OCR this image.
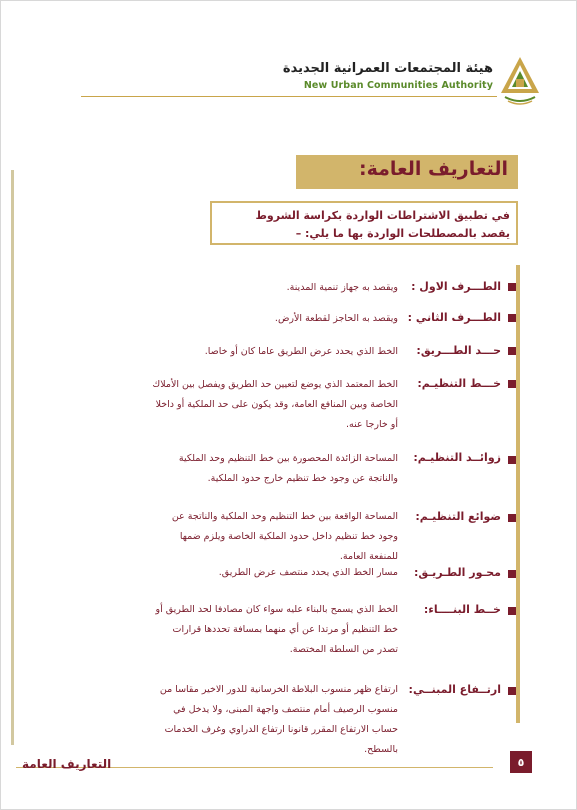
هيئة المجتمعات العمرانية الجديدة
New Urban Communities Authority
التعاريف العامة:
في تطبيق الاشتراطات الواردة بكراسة الشروط
يقصد بالمصطلحات الواردة بها ما يلي: –
الطـــرف الاول :
ويقصد به جهاز تنمية المدينة.
الطـــرف الثاني :
ويقصد به الحاجز لقطعة الأرض.
حـــد الطـــريق:
الخط الذي يحدد عرض الطريق عاما كان أو خاصا.
خـــط التنظيـم:
الخط المعتمد الذي يوضع لتعيين حد الطريق ويفصل بين الأملاك الخاصة وبين المنافع العامة، وقد يكون على حد الملكية أو داخلا أو خارجا عنه.
زوائــد التنظيـم:
المساحة الزائدة المحصورة بين خط التنظيم وحد الملكية والناتجة عن وجود خط تنظيم خارج حدود الملكية.
ضوائع التنظيـم:
المساحة الواقعة بين خط التنظيم وحد الملكية والناتجة عن وجود خط تنظيم داخل حدود الملكية الخاصة ويلزم ضمها للمنفعة العامة.
محـور الطـريـق:
مسار الخط الذي يحدد منتصف عرض الطريق.
خــط البنــــاء:
الخط الذي يسمح بالبناء عليه سواء كان مصادفا لحد الطريق أو خط التنظيم أو مرتدا عن أي منهما بمسافة تحددها قرارات تصدر من السلطة المختصة.
ارتــفاع المبنــي:
ارتفاع ظهر منسوب البلاطة الخرسانية للدور الاخير مقاسا من منسوب الرصيف أمام منتصف واجهة المبنى، ولا يدخل في حساب الارتفاع المقرر قانونا ارتفاع الدراوي وغرف الخدمات بالسطح.
التعاريف العامة	٥
